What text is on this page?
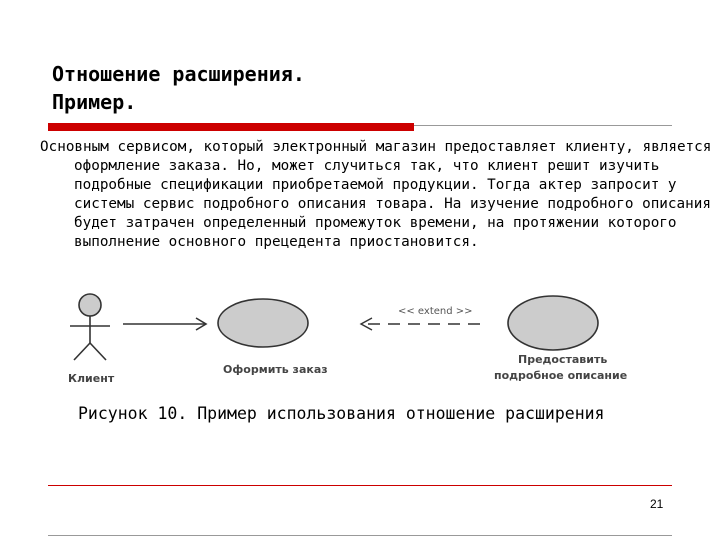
Отношение расширения.
Пример.

Основным сервисом, который электронный магазин предоставляет клиенту, является оформление заказа. Но, может случиться так, что клиент решит изучить подробные спецификации приобретаемой продукции. Тогда актер запросит у системы сервис подробного описания товара. На изучение подробного описания будет затрачен определенный промежуток времени, на протяжении которого выполнение основного прецедента приостановится.

Клиент
Оформить заказ
<< extend >>
Предоставить
подробное описание

Рисунок 10. Пример использования отношение расширения

21
